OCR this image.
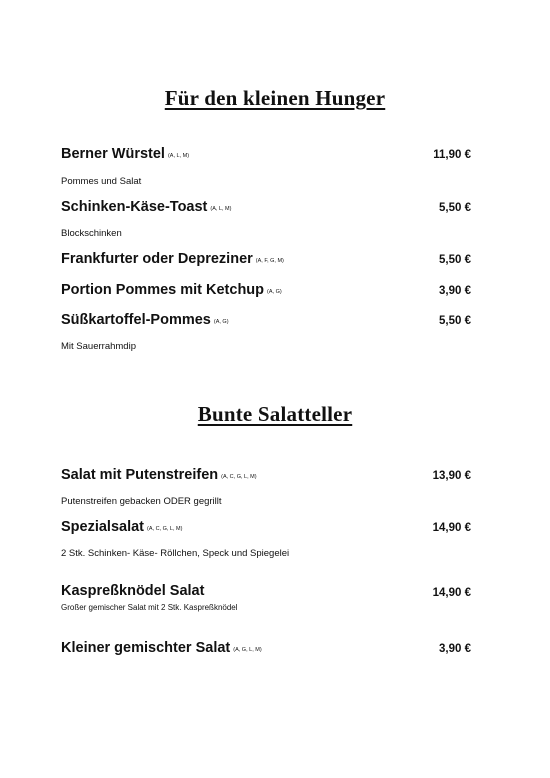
Für den kleinen Hunger
Berner Würstel (A, L, M)	11,90 €
Pommes und Salat
Schinken-Käse-Toast (A, L, M)	5,50 €
Blockschinken
Frankfurter oder Depreziner (A, F, G, M)	5,50 €
Portion Pommes mit Ketchup (A, G)	3,90 €
Süßkartoffel-Pommes (A, G)	5,50 €
Mit Sauerrahmdip
Bunte Salatteller
Salat mit Putenstreifen (A, C, G, L, M)	13,90 €
Putenstreifen gebacken ODER gegrillt
Spezialsalat (A, C, G, L, M)	14,90 €
2 Stk. Schinken- Käse- Röllchen, Speck und Spiegelei
Kaspreßknödel Salat	14,90 €
Großer gemischer Salat mit 2 Stk. Kaspreßknödel
Kleiner gemischter Salat (A, G, L, M)	3,90 €
